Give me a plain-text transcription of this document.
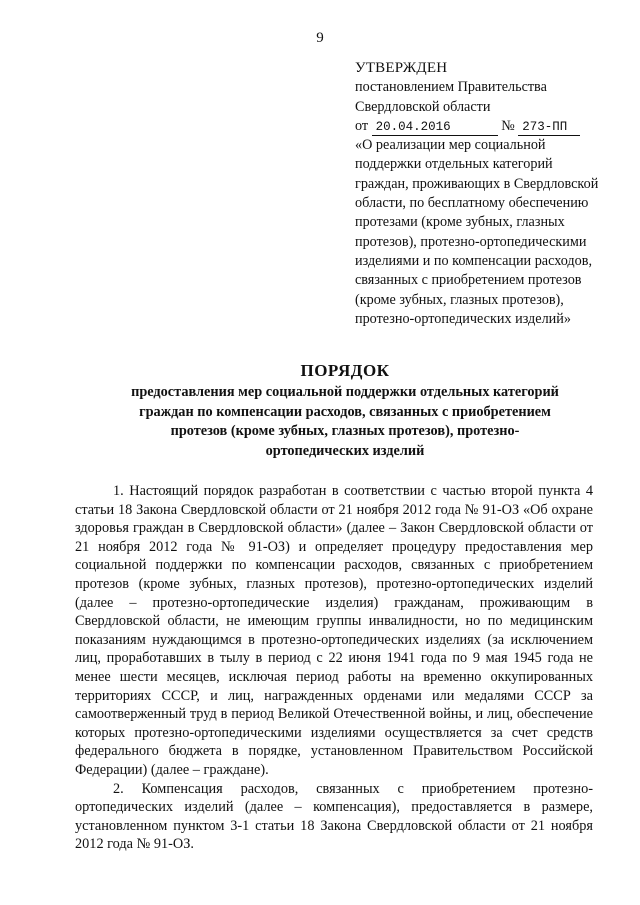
9
УТВЕРЖДЕН
постановлением Правительства
Свердловской области
от 20.04.2016	№ 273-ПП
«О реализации мер социальной поддержки отдельных категорий граждан, проживающих в Свердловской области, по бесплатному обеспечению протезами (кроме зубных, глазных протезов), протезно-ортопедическими изделиями и по компенсации расходов, связанных с приобретением протезов (кроме зубных, глазных протезов), протезно-ортопедических изделий»
ПОРЯДОК
предоставления мер социальной поддержки отдельных категорий граждан по компенсации расходов, связанных с приобретением протезов (кроме зубных, глазных протезов), протезно-ортопедических изделий

1. Настоящий порядок разработан в соответствии с частью второй пункта 4 статьи 18 Закона Свердловской области от 21 ноября 2012 года № 91-ОЗ «Об охране здоровья граждан в Свердловской области» (далее – Закон Свердловской области от 21 ноября 2012 года № 91-ОЗ) и определяет процедуру предоставления мер социальной поддержки по компенсации расходов, связанных с приобретением протезов (кроме зубных, глазных протезов), протезно-ортопедических изделий (далее – протезно-ортопедические изделия) гражданам, проживающим в Свердловской области, не имеющим группы инвалидности, но по медицинским показаниям нуждающимся в протезно-ортопедических изделиях (за исключением лиц, проработавших в тылу в период с 22 июня 1941 года по 9 мая 1945 года не менее шести месяцев, исключая период работы на временно оккупированных территориях СССР, и лиц, награжденных орденами или медалями СССР за самоотверженный труд в период Великой Отечественной войны, и лиц, обеспечение которых протезно-ортопедическими изделиями осуществляется за счет средств федерального бюджета в порядке, установленном Правительством Российской Федерации) (далее – граждане).

2. Компенсация расходов, связанных с приобретением протезно-ортопедических изделий (далее – компенсация), предоставляется в размере, установленном пунктом 3-1 статьи 18 Закона Свердловской области от 21 ноября 2012 года № 91-ОЗ.
